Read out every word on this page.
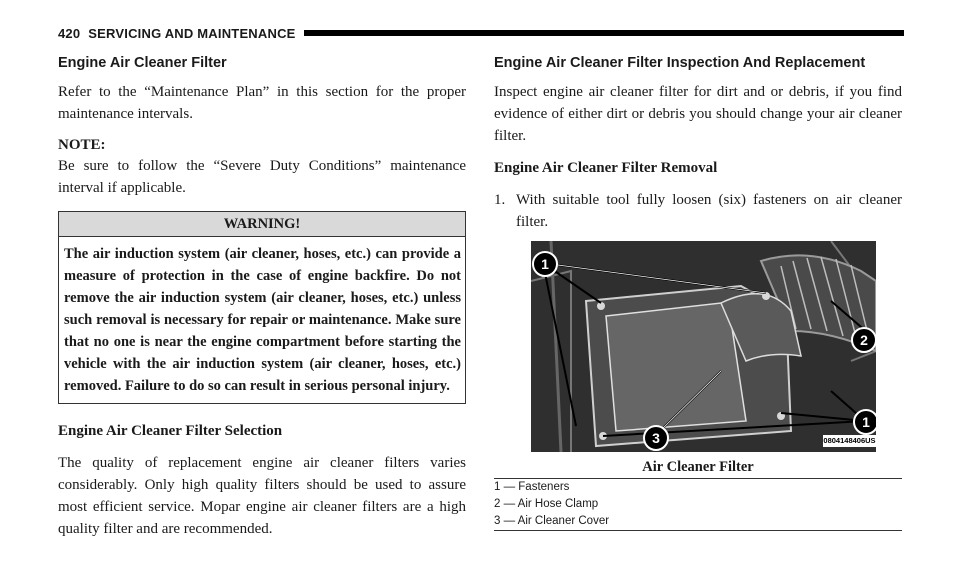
420 SERVICING AND MAINTENANCE
Engine Air Cleaner Filter

Refer to the “Maintenance Plan” in this section for the proper maintenance intervals.

NOTE:

Be sure to follow the “Severe Duty Conditions” maintenance interval if applicable.

WARNING!
The air induction system (air cleaner, hoses, etc.) can provide a measure of protection in the case of engine backfire. Do not remove the air induction system (air cleaner, hoses, etc.) unless such removal is necessary for repair or maintenance. Make sure that no one is near the engine compartment before starting the vehicle with the air induction system (air cleaner, hoses, etc.) removed. Failure to do so can result in serious personal injury.

Engine Air Cleaner Filter Selection

The quality of replacement engine air cleaner filters varies considerably. Only high quality filters should be used to assure most efficient service. Mopar engine air cleaner filters are a high quality filter and are recommended.

Engine Air Cleaner Filter Inspection And Replacement

Inspect engine air cleaner filter for dirt and or debris, if you find evidence of either dirt or debris you should change your air cleaner filter.

Engine Air Cleaner Filter Removal

1. With suitable tool fully loosen (six) fasteners on air cleaner filter.
1
2
1
3	0804148406US
Air Cleaner Filter
1 — Fasteners
2 — Air Hose Clamp
3 — Air Cleaner Cover
